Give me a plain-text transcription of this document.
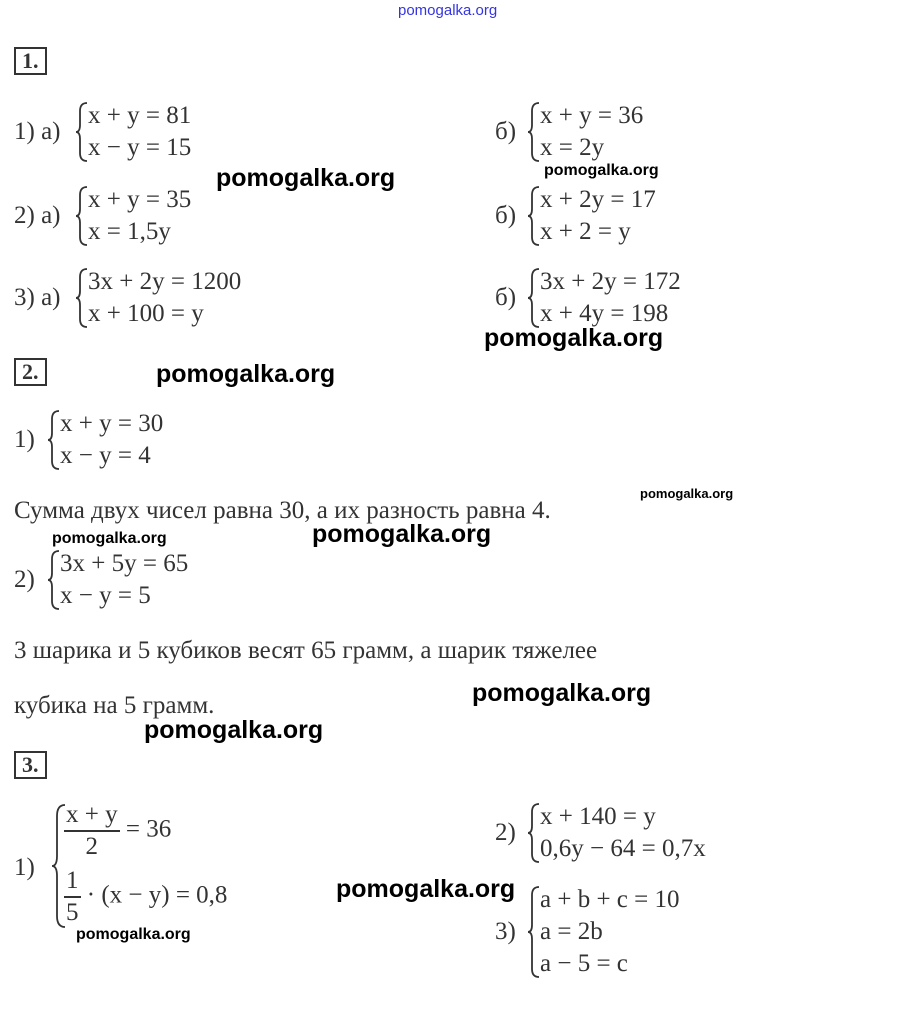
pomogalka.org
1.
1) а)
x + y = 81
x − y = 15
б)
x + y = 36
x = 2y
2) а)
x + y = 35
x = 1,5y
б)
x + 2y = 17
x + 2 = y
3) а)
3x + 2y = 1200
x + 100 = y
б)
3x + 2y = 172
x + 4y = 198
2.
1)
x + y = 30
x − y = 4
2)
3x + 5y = 65
x − y = 5
Сумма двух чисел равна 30, а их разность равна 4.
3 шарика и 5 кубиков весят 65 грамм, а шарик тяжелее
кубика на 5 грамм.
3.
1)
$\frac{x + y}{2} = 36$
$\frac{1}{5} \cdot (x - y) = 0,8$
2)
x + 140 = y
0,6y − 64 = 0,7x
3)
a + b + c = 10
a = 2b
a − 5 = c
pomogalka.org	pomogalka.org
pomogalka.org
pomogalka.org
pomogalka.org
pomogalka.org	pomogalka.org
pomogalka.org
pomogalka.org
pomogalka.org
pomogalka.org
